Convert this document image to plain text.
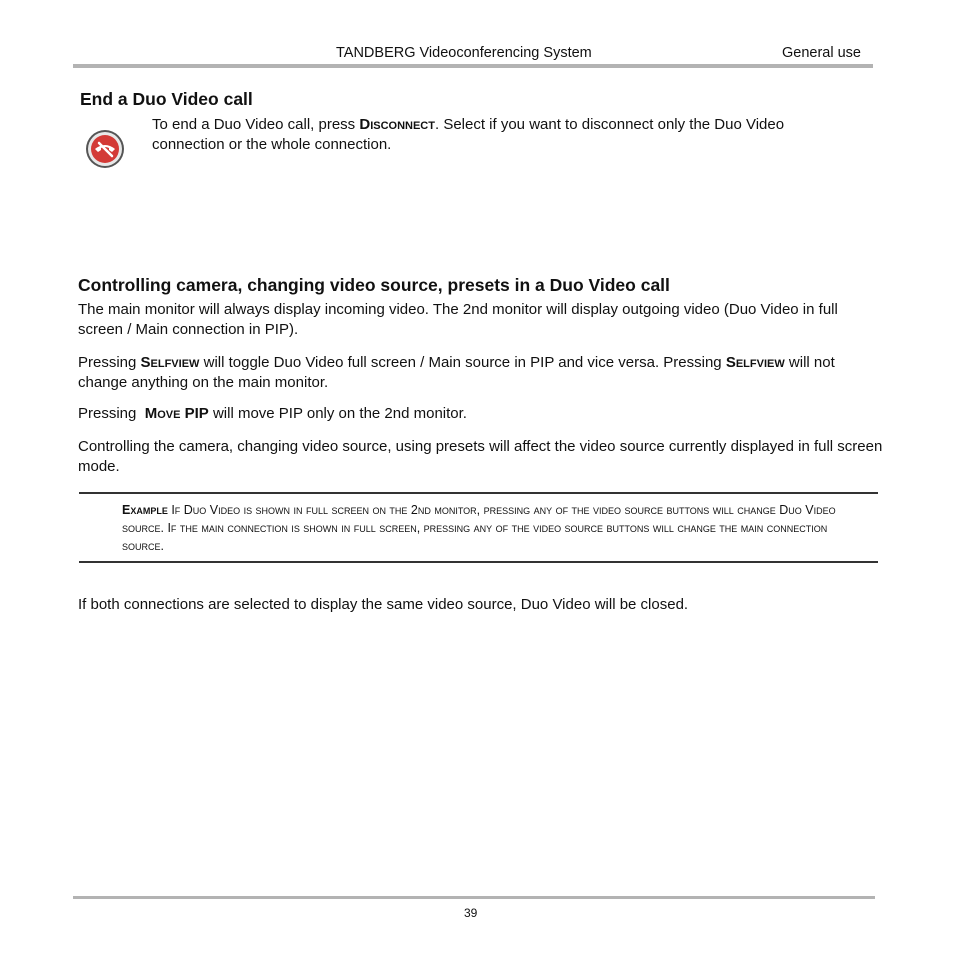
TANDBERG Videoconferencing System	General use
End a Duo Video call

To end a Duo Video call, press Disconnect. Select if you want to disconnect only the Duo Video connection or the whole connection.

Controlling camera, changing video source, presets in a Duo Video call

The main monitor will always display incoming video. The 2nd monitor will display outgoing video (Duo Video in full screen / Main connection in PIP).

Pressing Selfview will toggle Duo Video full screen / Main source in PIP and vice versa. Pressing Selfview will not change anything on the main monitor.

Pressing  Move PIP will move PIP only on the 2nd monitor.

Controlling the camera, changing video source, using presets will affect the video source currently displayed in full screen mode.

Example If Duo Video is shown in full screen on the 2nd monitor, pressing any of the video source buttons will change Duo Video source. If the main connection is shown in full screen, pressing any of the video source buttons will change the main connection source.

If both connections are selected to display the same video source, Duo Video will be closed.

39
